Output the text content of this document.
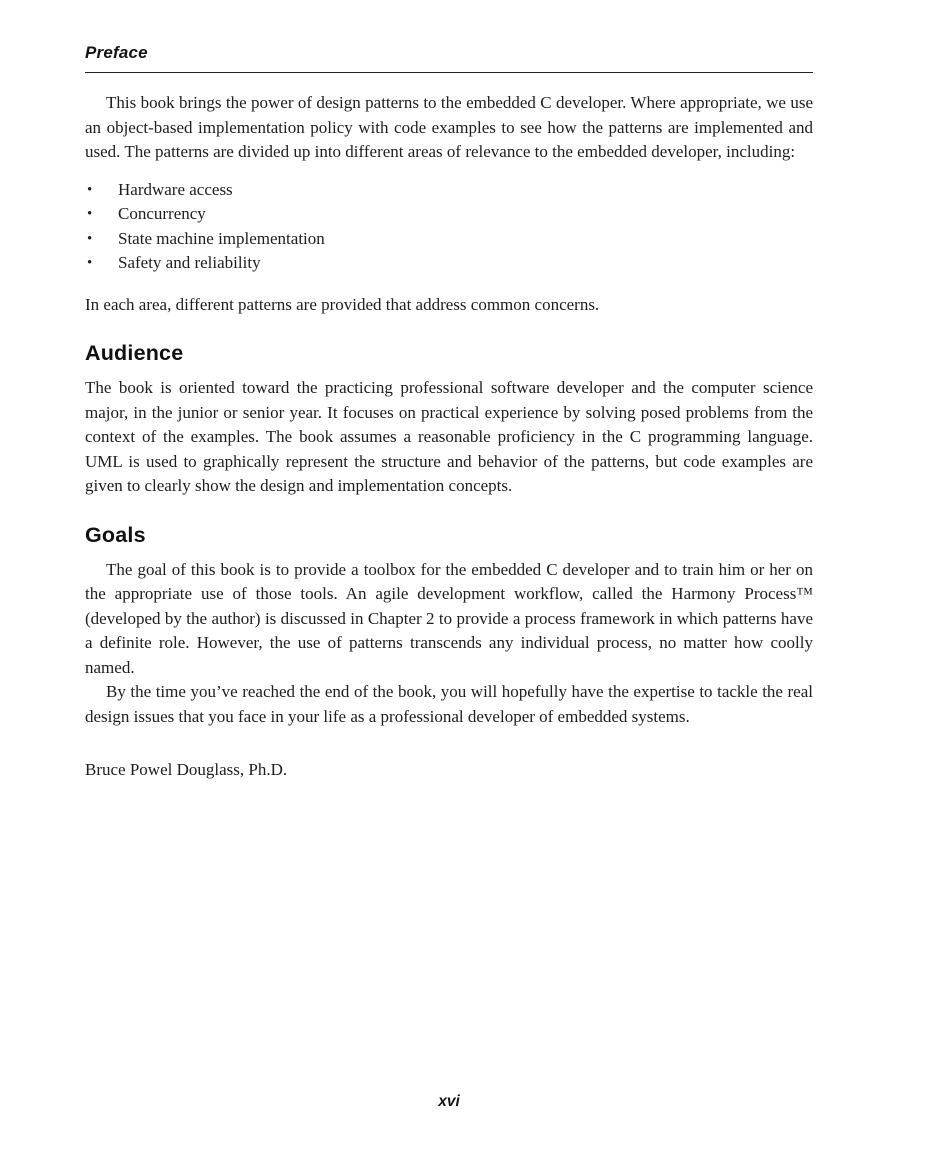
Preface

This book brings the power of design patterns to the embedded C developer. Where appropriate, we use an object-based implementation policy with code examples to see how the patterns are implemented and used. The patterns are divided up into different areas of relevance to the embedded developer, including:

•	Hardware access
•	Concurrency
•	State machine implementation
•	Safety and reliability

In each area, different patterns are provided that address common concerns.

Audience

The book is oriented toward the practicing professional software developer and the computer science major, in the junior or senior year. It focuses on practical experience by solving posed problems from the context of the examples. The book assumes a reasonable proficiency in the C programming language. UML is used to graphically represent the structure and behavior of the patterns, but code examples are given to clearly show the design and implementation concepts.

Goals

The goal of this book is to provide a toolbox for the embedded C developer and to train him or her on the appropriate use of those tools. An agile development workflow, called the Harmony Process™ (developed by the author) is discussed in Chapter 2 to provide a process framework in which patterns have a definite role. However, the use of patterns transcends any individual process, no matter how coolly named.

By the time you’ve reached the end of the book, you will hopefully have the expertise to tackle the real design issues that you face in your life as a professional developer of embedded systems.

Bruce Powel Douglass, Ph.D.

xvi
